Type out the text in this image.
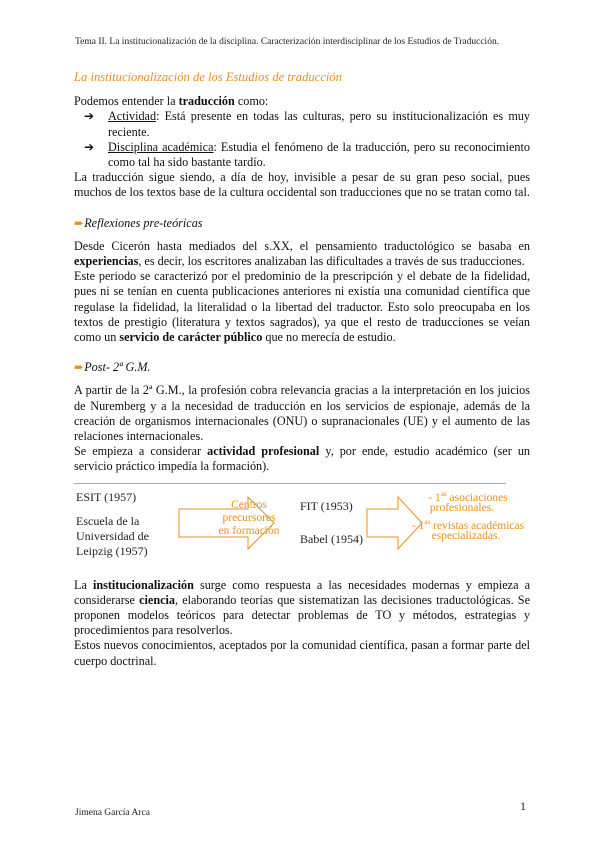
Tema II. La institucionalización de la disciplina. Caracterización interdisciplinar de los Estudios de Traducción.
La institucionalización de los Estudios de traducción

Podemos entender la traducción como:

➔ Actividad: Está presente en todas las culturas, pero su institucionalización es muy reciente.
➔ Disciplina académica: Estudia el fenómeno de la traducción, pero su reconocimiento como tal ha sido bastante tardío.

La traducción sigue siendo, a día de hoy, invisible a pesar de su gran peso social, pues muchos de los textos base de la cultura occidental son traducciones que no se tratan como tal.

➨Reflexiones pre-teóricas

Desde Cicerón hasta mediados del s.XX, el pensamiento traductológico se basaba en experiencias, es decir, los escritores analizaban las dificultades a través de sus traducciones.

Este periodo se caracterizó por el predominio de la prescripción y el debate de la fidelidad, pues ni se tenían en cuenta publicaciones anteriores ni existía una comunidad científica que regulase la fidelidad, la literalidad o la libertad del traductor. Esto solo preocupaba en los textos de prestigio (literatura y textos sagrados), ya que el resto de traducciones se veían como un servicio de carácter público que no merecía de estudio.

➨Post- 2ª G.M.

A partir de la 2ª G.M., la profesión cobra relevancia gracias a la interpretación en los juicios de Nuremberg y a la necesidad de traducción en los servicios de espionaje, además de la creación de organismos internacionales (ONU) o supranacionales (UE) y el aumento de las relaciones internacionales.

Se empieza a considerar actividad profesional y, por ende, estudio académico (ser un servicio práctico impedía la formación).

ESIT (1957)
Escuela de la
Universidad de
Leipzig (1957)
Centros
precursores
en formación
FIT (1953)
Babel (1954)
- $1^{as}$ asociaciones
profesionales.
- $1^{as}$ revistas académicas
especializadas.

La institucionalización surge como respuesta a las necesidades modernas y empieza a considerarse ciencia, elaborando teorías que sistematizan las decisiones traductológicas. Se proponen modelos teóricos para detectar problemas de TO y métodos, estrategias y procedimientos para resolverlos.

Estos nuevos conocimientos, aceptados por la comunidad científica, pasan a formar parte del cuerpo doctrinal.

Jimena García Arca	1
